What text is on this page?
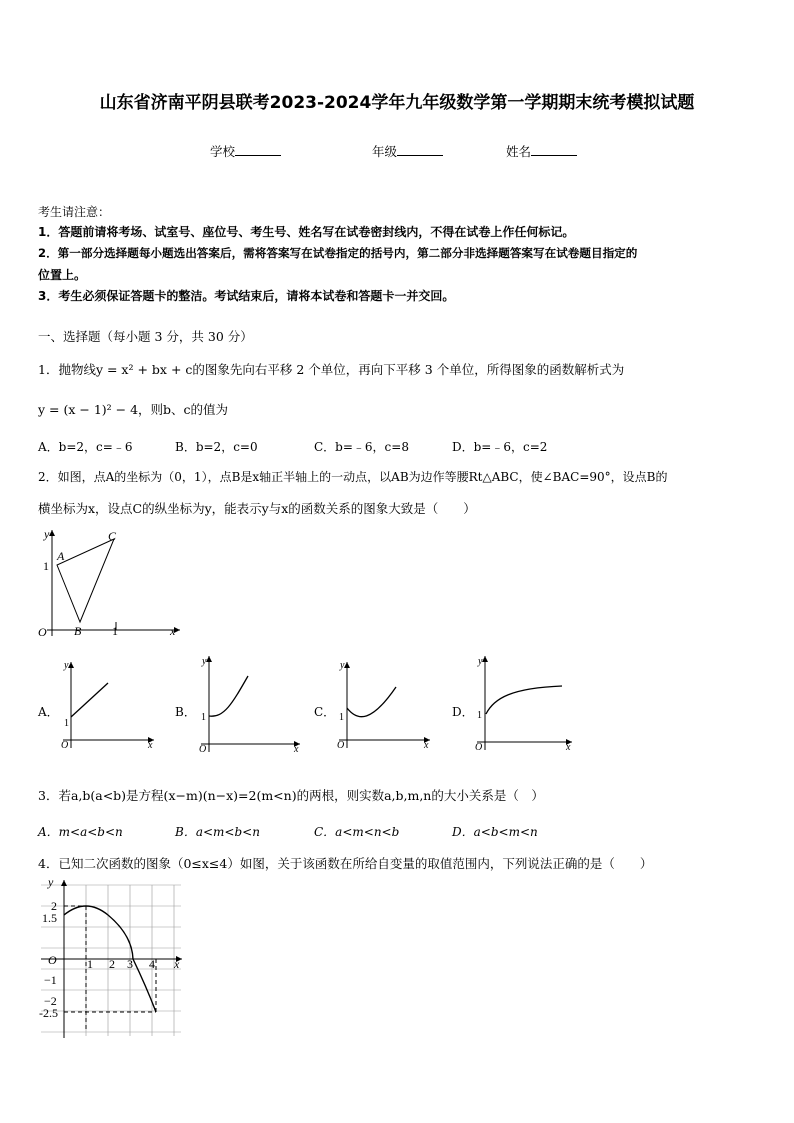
山东省济南平阴县联考2023-2024学年九年级数学第一学期期末统考模拟试题
学校	年级	姓名
考生请注意：
1．答题前请将考场、试室号、座位号、考生号、姓名写在试卷密封线内，不得在试卷上作任何标记。
2．第一部分选择题每小题选出答案后，需将答案写在试卷指定的括号内，第二部分非选择题答案写在试卷题目指定的
位置上。
3．考生必须保证答题卡的整洁。考试结束后，请将本试卷和答题卡一并交回。
一、选择题（每小题 3 分，共 30 分）
1．抛物线y = x² + bx + c的图象先向右平移 2 个单位，再向下平移 3 个单位，所得图象的函数解析式为
y = (x − 1)² − 4，则b、c的值为
A．b=2，c=﹣6	B．b=2，c=0	C．b=﹣6，c=8	D．b=﹣6，c=2
2．如图，点A的坐标为（0，1），点B是x轴正半轴上的一动点，以AB为边作等腰Rt△ABC，使∠BAC=90°，设点B的
横坐标为x，设点C的纵坐标为y，能表示y与x的函数关系的图象大致是（　　）
y
x
O
A
B
C
1
1
A．
y
x
O
1
B．
y
x
O
1	C．
y
x
O
1	D．
y
x
O
1
3．若a,b(a<b)是方程(x−m)(n−x)=2(m<n)的两根，则实数a,b,m,n的大小关系是（　）
A．m<a<b<n	B．a<m<b<n	C．a<m<n<b	D．a<b<m<n
4．已知二次函数的图象（0≤x≤4）如图，关于该函数在所给自变量的取值范围内，下列说法正确的是（　　）
y
x
O
2
1.5
−1
−2
-2.5
1 2 3 4
